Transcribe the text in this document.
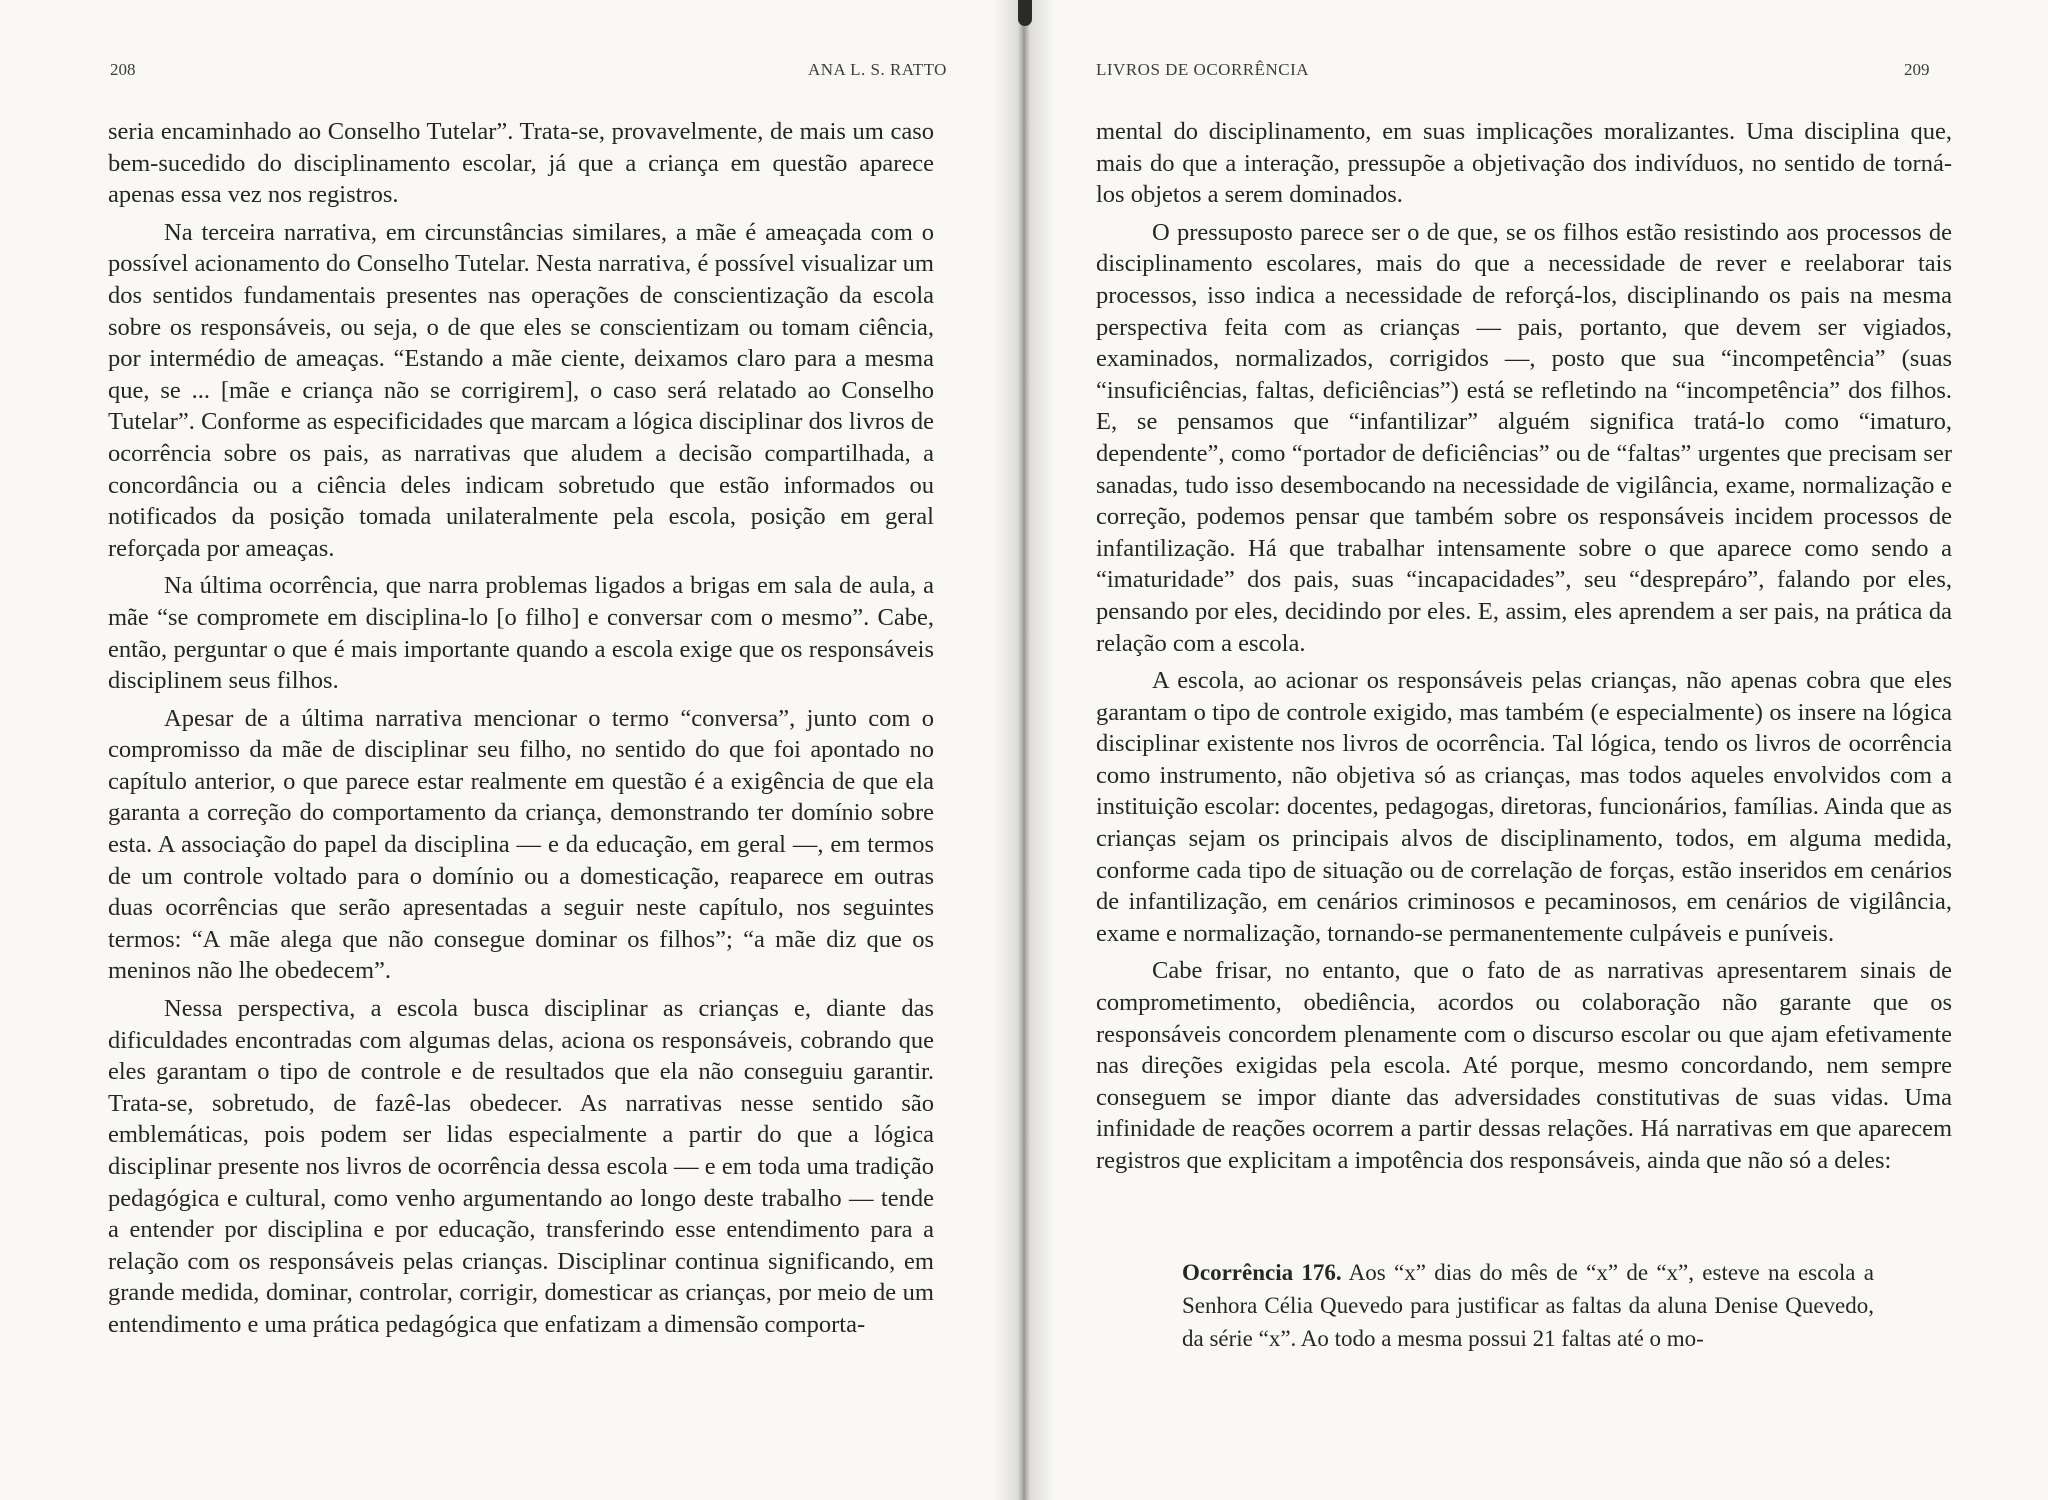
208	ANA L. S. RATTO

seria encaminhado ao Conselho Tutelar”. Trata-se, provavelmente, de mais um caso bem-sucedido do disciplinamento escolar, já que a criança em questão aparece apenas essa vez nos registros.

Na terceira narrativa, em circunstâncias similares, a mãe é ameaçada com o possível acionamento do Conselho Tutelar. Nesta narrativa, é possível visualizar um dos sentidos fundamentais presentes nas operações de conscientização da escola sobre os responsáveis, ou seja, o de que eles se conscientizam ou tomam ciência, por intermédio de ameaças. “Estando a mãe ciente, deixamos claro para a mesma que, se ... [mãe e criança não se corrigirem], o caso será relatado ao Conselho Tutelar”. Conforme as especificidades que marcam a lógica disciplinar dos livros de ocorrência sobre os pais, as narrativas que aludem a decisão compartilhada, a concordância ou a ciência deles indicam sobretudo que estão informados ou notificados da posição tomada unilateralmente pela escola, posição em geral reforçada por ameaças.

Na última ocorrência, que narra problemas ligados a brigas em sala de aula, a mãe “se compromete em disciplina-lo [o filho] e conversar com o mesmo”. Cabe, então, perguntar o que é mais importante quando a escola exige que os responsáveis disciplinem seus filhos.

Apesar de a última narrativa mencionar o termo “conversa”, junto com o compromisso da mãe de disciplinar seu filho, no sentido do que foi apontado no capítulo anterior, o que parece estar realmente em questão é a exigência de que ela garanta a correção do comportamento da criança, demonstrando ter domínio sobre esta. A associação do papel da disciplina — e da educação, em geral —, em termos de um controle voltado para o domínio ou a domesticação, reaparece em outras duas ocorrências que serão apresentadas a seguir neste capítulo, nos seguintes termos: “A mãe alega que não consegue dominar os filhos”; “a mãe diz que os meninos não lhe obedecem”.

Nessa perspectiva, a escola busca disciplinar as crianças e, diante das dificuldades encontradas com algumas delas, aciona os responsáveis, cobrando que eles garantam o tipo de controle e de resultados que ela não conseguiu garantir. Trata-se, sobretudo, de fazê-las obedecer. As narrativas nesse sentido são emblemáticas, pois podem ser lidas especialmente a partir do que a lógica disciplinar presente nos livros de ocorrência dessa escola — e em toda uma tradição pedagógica e cultural, como venho argumentando ao longo deste trabalho — tende a entender por disciplina e por educação, transferindo esse entendimento para a relação com os responsáveis pelas crianças. Disciplinar continua significando, em grande medida, dominar, controlar, corrigir, domesticar as crianças, por meio de um entendimento e uma prática pedagógica que enfatizam a dimensão comporta-

LIVROS DE OCORRÊNCIA	209

mental do disciplinamento, em suas implicações moralizantes. Uma disciplina que, mais do que a interação, pressupõe a objetivação dos indivíduos, no sentido de torná-los objetos a serem dominados.

O pressuposto parece ser o de que, se os filhos estão resistindo aos processos de disciplinamento escolares, mais do que a necessidade de rever e reelaborar tais processos, isso indica a necessidade de reforçá-los, disciplinando os pais na mesma perspectiva feita com as crianças — pais, portanto, que devem ser vigiados, examinados, normalizados, corrigidos —, posto que sua “incompetência” (suas “insuficiências, faltas, deficiências”) está se refletindo na “incompetência” dos filhos. E, se pensamos que “infantilizar” alguém significa tratá-lo como “imaturo, dependente”, como “portador de deficiências” ou de “faltas” urgentes que precisam ser sanadas, tudo isso desembocando na necessidade de vigilância, exame, normalização e correção, podemos pensar que também sobre os responsáveis incidem processos de infantilização. Há que trabalhar intensamente sobre o que aparece como sendo a “imaturidade” dos pais, suas “incapacidades”, seu “desprepáro”, falando por eles, pensando por eles, decidindo por eles. E, assim, eles aprendem a ser pais, na prática da relação com a escola.

A escola, ao acionar os responsáveis pelas crianças, não apenas cobra que eles garantam o tipo de controle exigido, mas também (e especialmente) os insere na lógica disciplinar existente nos livros de ocorrência. Tal lógica, tendo os livros de ocorrência como instrumento, não objetiva só as crianças, mas todos aqueles envolvidos com a instituição escolar: docentes, pedagogas, diretoras, funcionários, famílias. Ainda que as crianças sejam os principais alvos de disciplinamento, todos, em alguma medida, conforme cada tipo de situação ou de correlação de forças, estão inseridos em cenários de infantilização, em cenários criminosos e pecaminosos, em cenários de vigilância, exame e normalização, tornando-se permanentemente culpáveis e puníveis.

Cabe frisar, no entanto, que o fato de as narrativas apresentarem sinais de comprometimento, obediência, acordos ou colaboração não garante que os responsáveis concordem plenamente com o discurso escolar ou que ajam efetivamente nas direções exigidas pela escola. Até porque, mesmo concordando, nem sempre conseguem se impor diante das adversidades constitutivas de suas vidas. Uma infinidade de reações ocorrem a partir dessas relações. Há narrativas em que aparecem registros que explicitam a impotência dos responsáveis, ainda que não só a deles:

Ocorrência 176. Aos “x” dias do mês de “x” de “x”, esteve na escola a Senhora Célia Quevedo para justificar as faltas da aluna Denise Quevedo, da série “x”. Ao todo a mesma possui 21 faltas até o mo-
